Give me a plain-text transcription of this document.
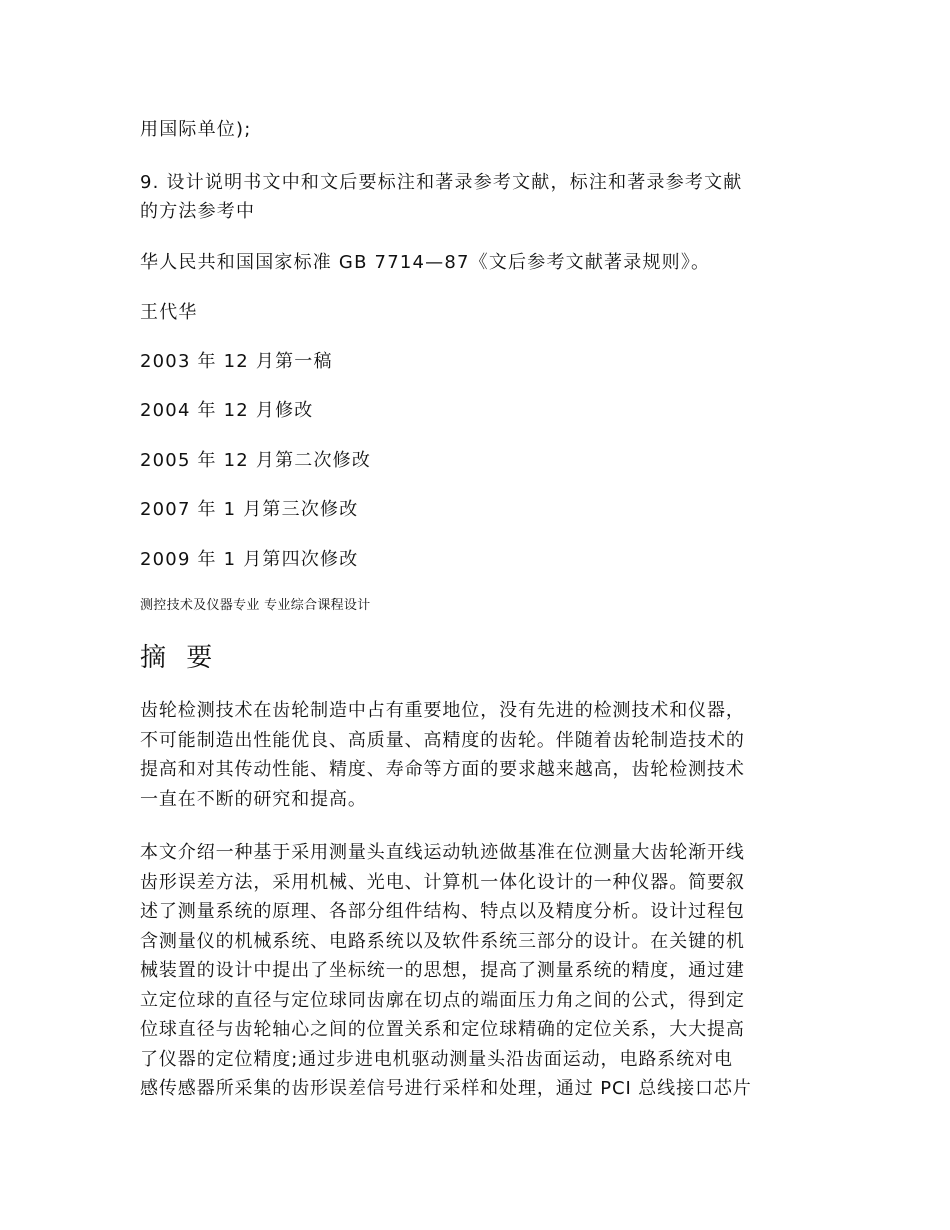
用国际单位);
9. 设计说明书文中和文后要标注和著录参考文献，标注和著录参考文献
的方法参考中
华人民共和国国家标准 GB 7714—87《文后参考文献著录规则》。
王代华
2003 年 12 月第一稿
2004 年 12 月修改
2005 年 12 月第二次修改
2007 年 1 月第三次修改
2009 年 1 月第四次修改
测控技术及仪器专业 专业综合课程设计
摘 要
齿轮检测技术在齿轮制造中占有重要地位，没有先进的检测技术和仪器，
不可能制造出性能优良、高质量、高精度的齿轮。伴随着齿轮制造技术的
提高和对其传动性能、精度、寿命等方面的要求越来越高，齿轮检测技术
一直在不断的研究和提高。
本文介绍一种基于采用测量头直线运动轨迹做基准在位测量大齿轮渐开线
齿形误差方法，采用机械、光电、计算机一体化设计的一种仪器。简要叙
述了测量系统的原理、各部分组件结构、特点以及精度分析。设计过程包
含测量仪的机械系统、电路系统以及软件系统三部分的设计。在关键的机
械装置的设计中提出了坐标统一的思想，提高了测量系统的精度，通过建
立定位球的直径与定位球同齿廓在切点的端面压力角之间的公式，得到定
位球直径与齿轮轴心之间的位置关系和定位球精确的定位关系，大大提高
了仪器的定位精度;通过步进电机驱动测量头沿齿面运动，电路系统对电
感传感器所采集的齿形误差信号进行采样和处理，通过 PCI 总线接口芯片
